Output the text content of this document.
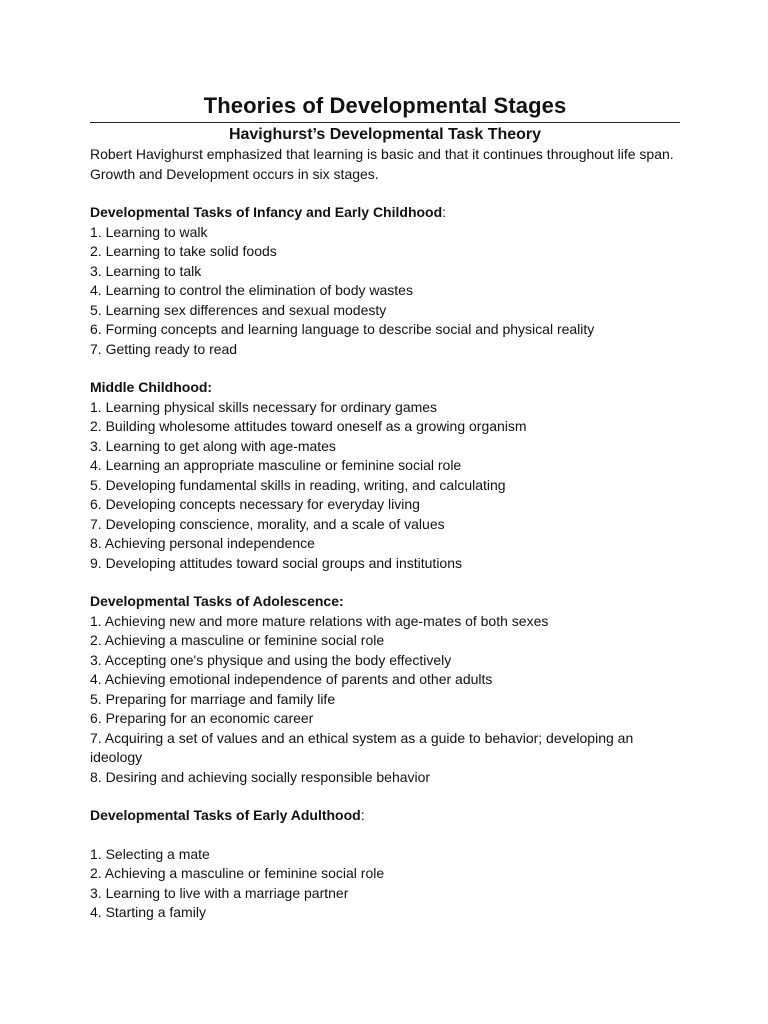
Theories of Developmental Stages
Havighurst’s Developmental Task Theory

Robert Havighurst emphasized that learning is basic and that it continues throughout life span. Growth and Development occurs in six stages.

Developmental Tasks of Infancy and Early Childhood:

1. Learning to walk
2. Learning to take solid foods
3. Learning to talk
4. Learning to control the elimination of body wastes
5. Learning sex differences and sexual modesty
6. Forming concepts and learning language to describe social and physical reality
7. Getting ready to read

Middle Childhood:

1. Learning physical skills necessary for ordinary games
2. Building wholesome attitudes toward oneself as a growing organism
3. Learning to get along with age-mates
4. Learning an appropriate masculine or feminine social role
5. Developing fundamental skills in reading, writing, and calculating
6. Developing concepts necessary for everyday living
7. Developing conscience, morality, and a scale of values
8. Achieving personal independence
9. Developing attitudes toward social groups and institutions

Developmental Tasks of Adolescence:

1. Achieving new and more mature relations with age-mates of both sexes
2. Achieving a masculine or feminine social role
3. Accepting one's physique and using the body effectively
4. Achieving emotional independence of parents and other adults
5. Preparing for marriage and family life
6. Preparing for an economic career
7. Acquiring a set of values and an ethical system as a guide to behavior; developing an ideology
8. Desiring and achieving socially responsible behavior

Developmental Tasks of Early Adulthood:

1. Selecting a mate
2. Achieving a masculine or feminine social role
3. Learning to live with a marriage partner
4. Starting a family
